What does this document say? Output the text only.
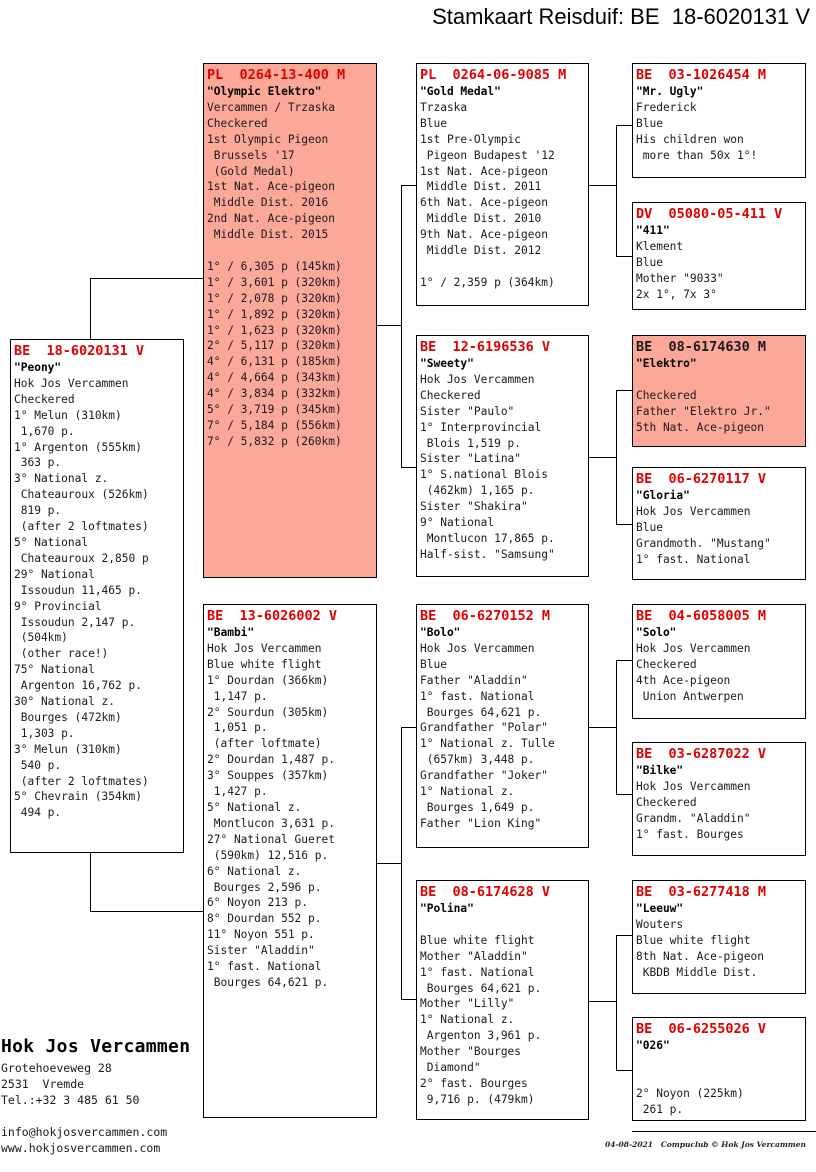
Stamkaart Reisduif: BE  18-6020131 V
BE  18-6020131 V
"Peony"
Hok Jos Vercammen
Checkered
1° Melun (310km)
1,670 p.
1° Argenton (555km)
363 p.
3° National z.
Chateauroux (526km)
819 p.
(after 2 loftmates)
5° National
Chateauroux 2,850 p
29° National
Issoudun 11,465 p.
9° Provincial
Issoudun 2,147 p.
(504km)
(other race!)
75° National
Argenton 16,762 p.
30° National z.
Bourges (472km)
1,303 p.
3° Melun (310km)
540 p.
(after 2 loftmates)
5° Chevrain (354km)
494 p.
PL  0264-13-400 M
"Olympic Elektro"
Vercammen / Trzaska
Checkered
1st Olympic Pigeon
Brussels '17
(Gold Medal)
1st Nat. Ace-pigeon
Middle Dist. 2016
2nd Nat. Ace-pigeon
Middle Dist. 2015
1° / 6,305 p (145km)
1° / 3,601 p (320km)
1° / 2,078 p (320km)
1° / 1,892 p (320km)
1° / 1,623 p (320km)
2° / 5,117 p (320km)
4° / 6,131 p (185km)
4° / 4,664 p (343km)
4° / 3,834 p (332km)
5° / 3,719 p (345km)
7° / 5,184 p (556km)
7° / 5,832 p (260km)
BE  13-6026002 V
"Bambi"
Hok Jos Vercammen
Blue white flight
1° Dourdan (366km)
1,147 p.
2° Sourdun (305km)
1,051 p.
(after loftmate)
2° Dourdan 1,487 p.
3° Souppes (357km)
1,427 p.
5° National z.
Montlucon 3,631 p.
27° National Gueret
(590km) 12,516 p.
6° National z.
Bourges 2,596 p.
6° Noyon 213 p.
8° Dourdan 552 p.
11° Noyon 551 p.
Sister "Aladdin"
1° fast. National
Bourges 64,621 p.
PL  0264-06-9085 M
"Gold Medal"
Trzaska
Blue
1st Pre-Olympic
Pigeon Budapest '12
1st Nat. Ace-pigeon
Middle Dist. 2011
6th Nat. Ace-pigeon
Middle Dist. 2010
9th Nat. Ace-pigeon
Middle Dist. 2012
1° / 2,359 p (364km)
BE  12-6196536 V
"Sweety"
Hok Jos Vercammen
Checkered
Sister "Paulo"
1° Interprovincial
Blois 1,519 p.
Sister "Latina"
1° S.national Blois
(462km) 1,165 p.
Sister "Shakira"
9° National
Montlucon 17,865 p.
Half-sist. "Samsung"
BE  06-6270152 M
"Bolo"
Hok Jos Vercammen
Blue
Father "Aladdin"
1° fast. National
Bourges 64,621 p.
Grandfather "Polar"
1° National z. Tulle
(657km) 3,448 p.
Grandfather "Joker"
1° National z.
Bourges 1,649 p.
Father "Lion King"
BE  08-6174628 V
"Polina"
Blue white flight
Mother "Aladdin"
1° fast. National
Bourges 64,621 p.
Mother "Lilly"
1° National z.
Argenton 3,961 p.
Mother "Bourges
Diamond"
2° fast. Bourges
9,716 p. (479km)
BE  03-1026454 M
"Mr. Ugly"
Frederick
Blue
His children won
more than 50x 1°!
DV  05080-05-411 V
"411"
Klement
Blue
Mother "9033"
2x 1°, 7x 3°
BE  08-6174630 M
"Elektro"
Checkered
Father "Elektro Jr."
5th Nat. Ace-pigeon
BE  06-6270117 V
"Gloria"
Hok Jos Vercammen
Blue
Grandmoth. "Mustang"
1° fast. National
BE  04-6058005 M
"Solo"
Hok Jos Vercammen
Checkered
4th Ace-pigeon
Union Antwerpen
BE  03-6287022 V
"Bilke"
Hok Jos Vercammen
Checkered
Grandm. "Aladdin"
1° fast. Bourges
BE  03-6277418 M
"Leeuw"
Wouters
Blue white flight
8th Nat. Ace-pigeon
KBDB Middle Dist.
BE  06-6255026 V
"026"
2° Noyon (225km)
261 p.
Hok Jos Vercammen
Grotehoeveweg 28
2531  Vremde
Tel.:+32 3 485 61 50
info@hokjosvercammen.com
www.hokjosvercammen.com	04-08-2021 Compuclub © Hok Jos Vercammen
